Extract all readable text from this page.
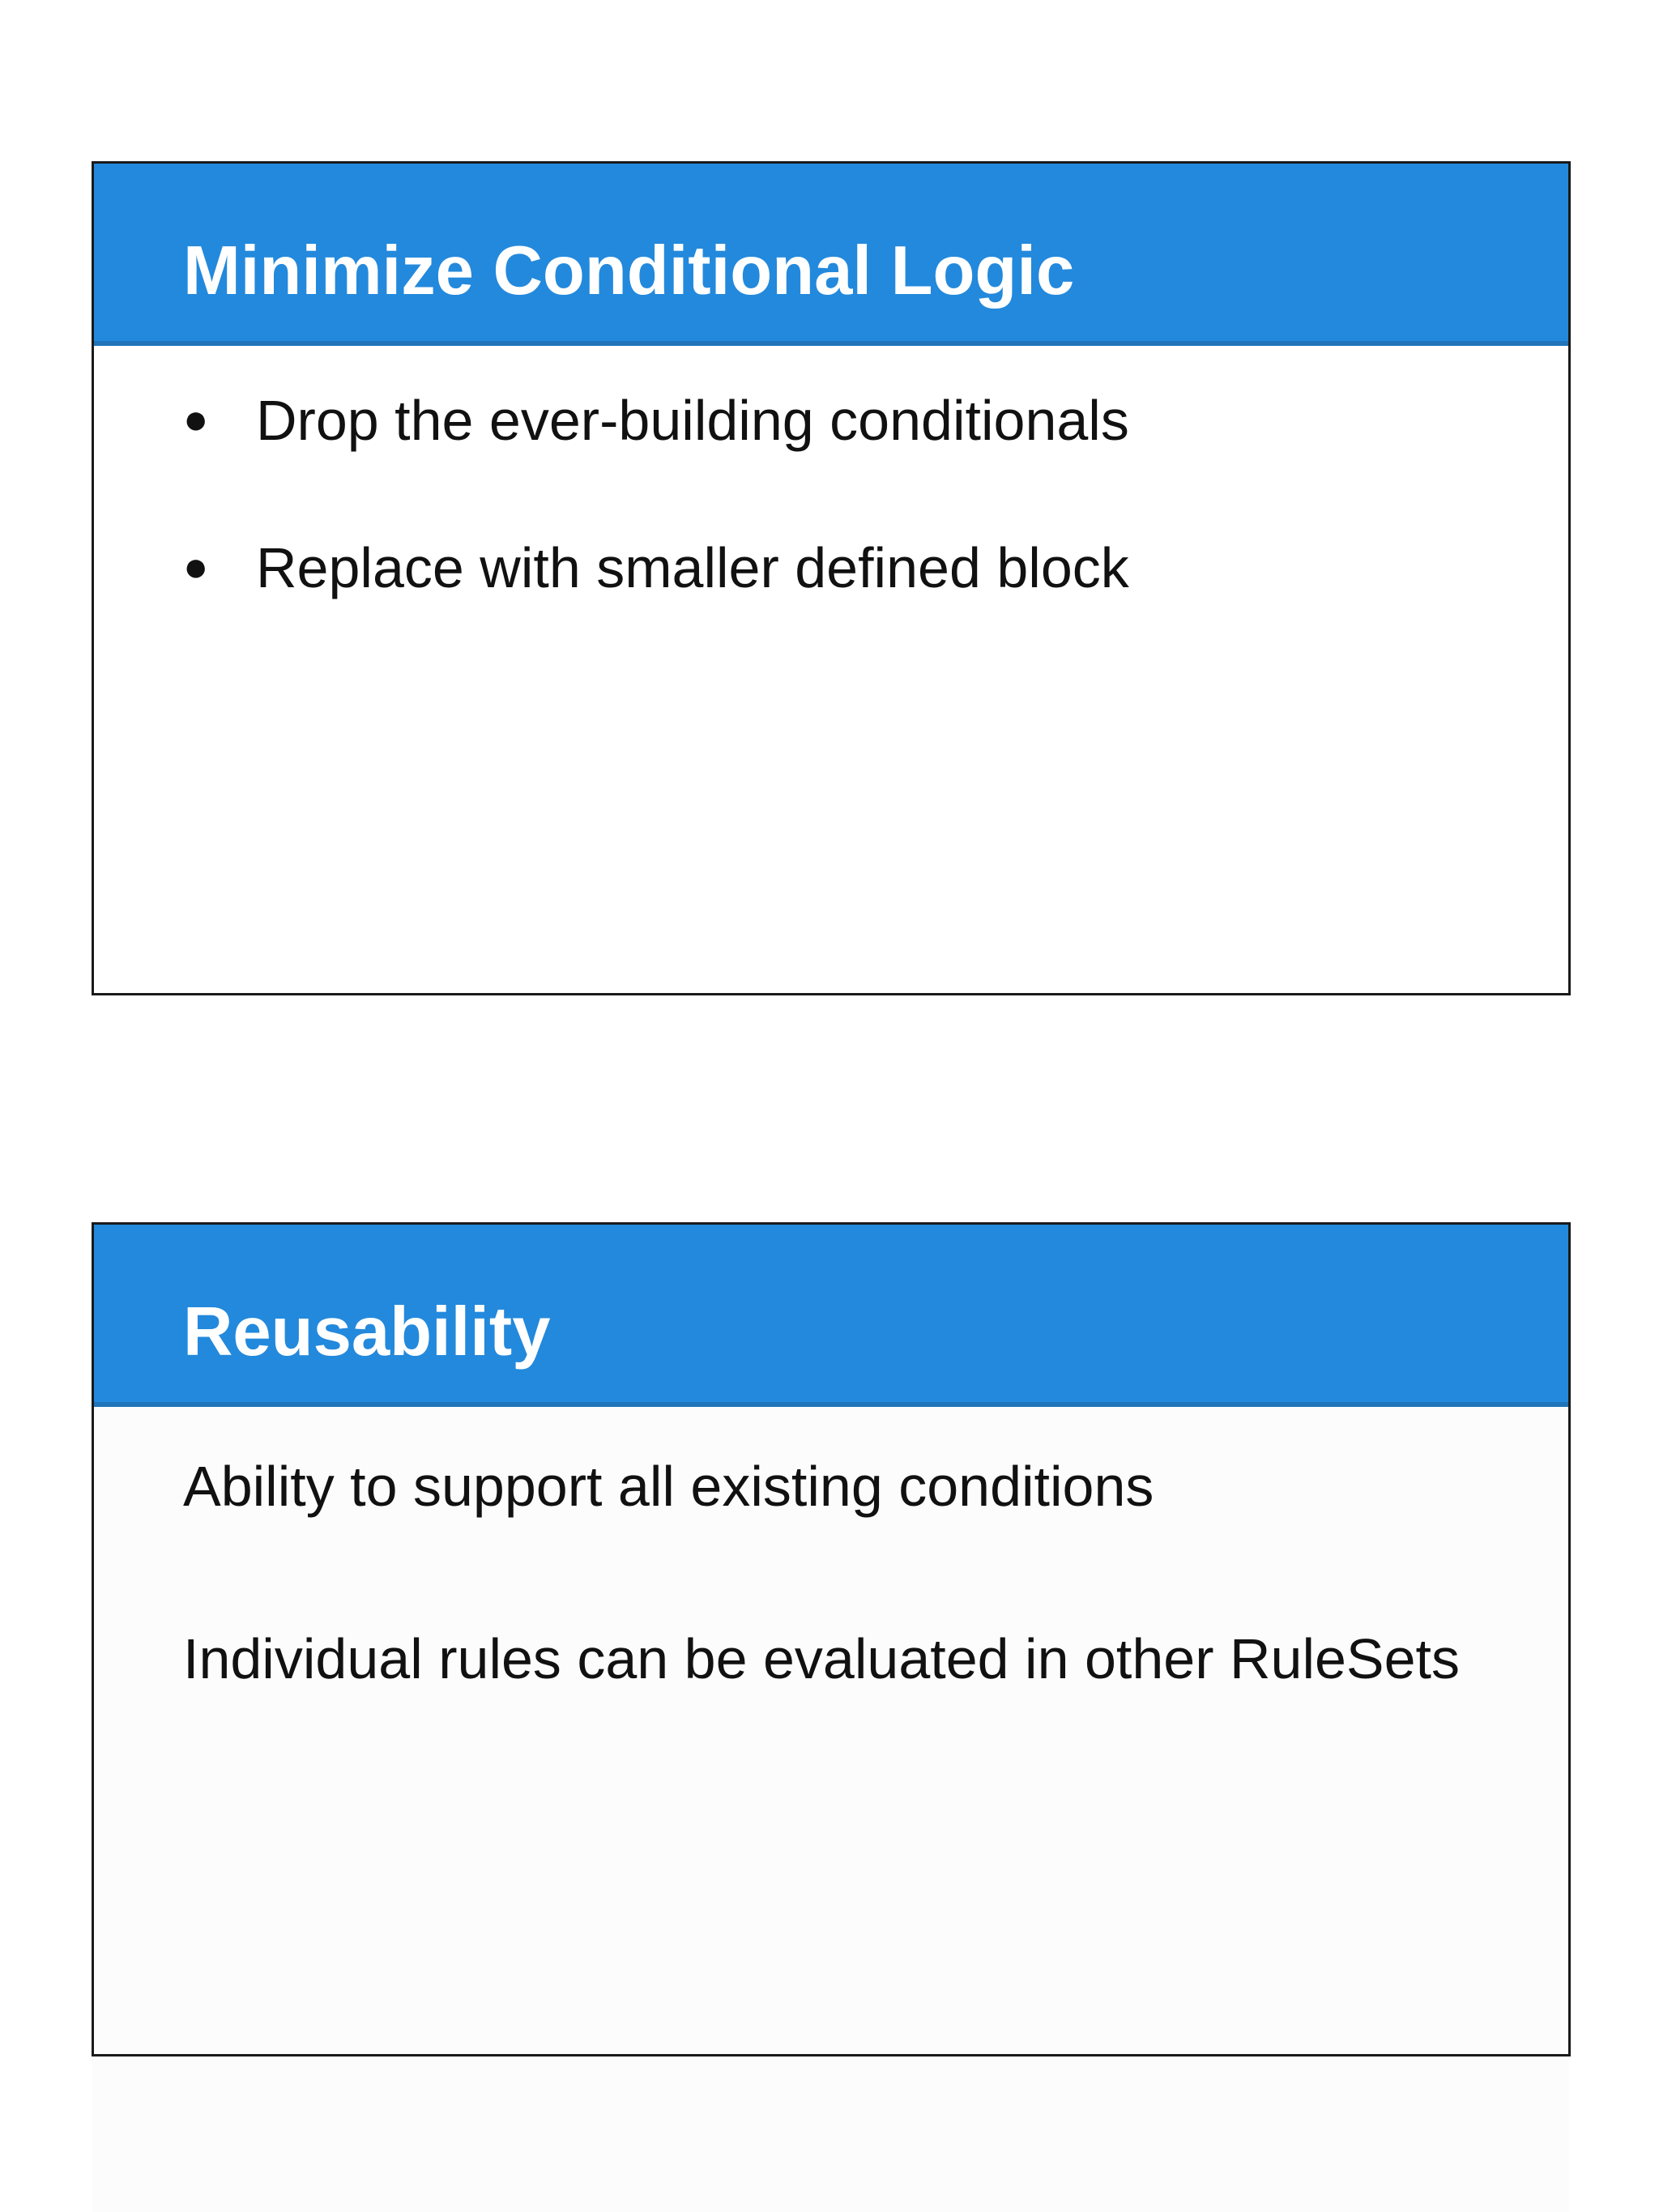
Minimize Conditional Logic
● Drop the ever-building conditionals
● Replace with smaller defined block
Reusability

Ability to support all existing conditions

Individual rules can be evaluated in other RuleSets
